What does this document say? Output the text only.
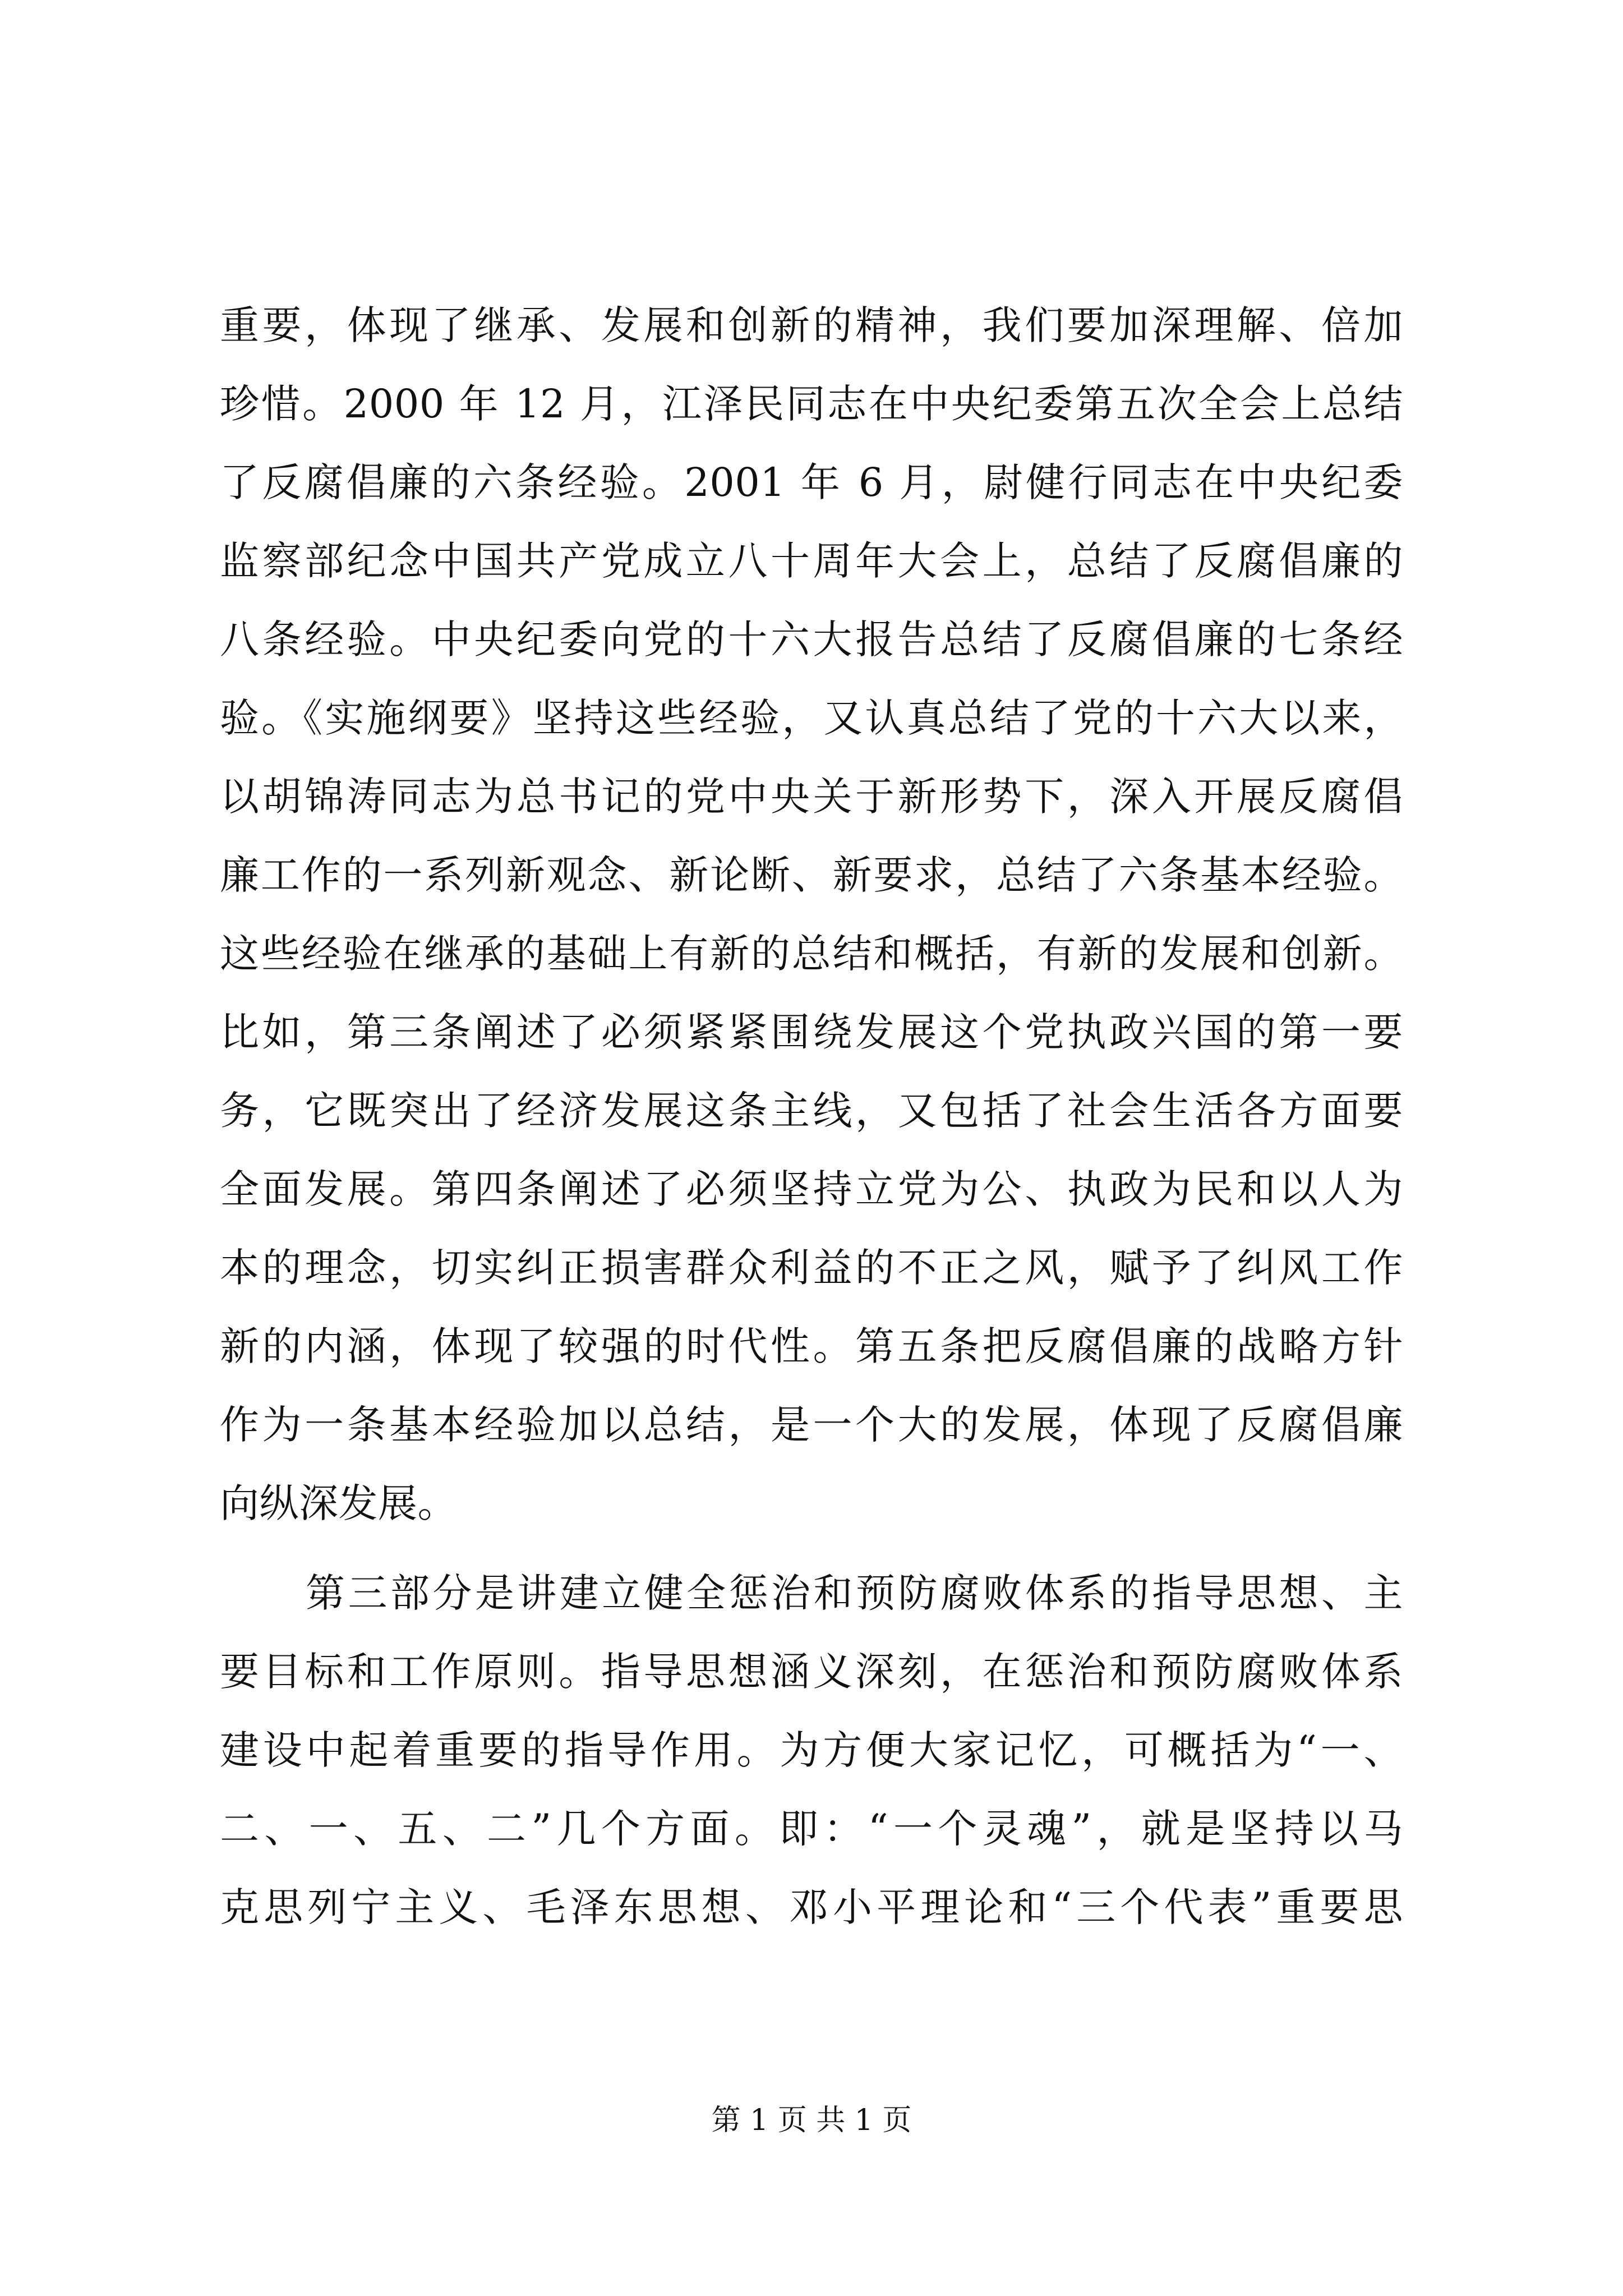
重要，体现了继承、发展和创新的精神，我们要加深理解、倍加
珍惜。2000 年 12 月，江泽民同志在中央纪委第五次全会上总结
了反腐倡廉的六条经验。2001 年 6 月，尉健行同志在中央纪委
监察部纪念中国共产党成立八十周年大会上，总结了反腐倡廉的
八条经验。中央纪委向党的十六大报告总结了反腐倡廉的七条经
验。《实施纲要》坚持这些经验，又认真总结了党的十六大以来，
以胡锦涛同志为总书记的党中央关于新形势下，深入开展反腐倡
廉工作的一系列新观念、新论断、新要求，总结了六条基本经验。
这些经验在继承的基础上有新的总结和概括，有新的发展和创新。
比如，第三条阐述了必须紧紧围绕发展这个党执政兴国的第一要
务，它既突出了经济发展这条主线，又包括了社会生活各方面要
全面发展。第四条阐述了必须坚持立党为公、执政为民和以人为
本的理念，切实纠正损害群众利益的不正之风，赋予了纠风工作
新的内涵，体现了较强的时代性。第五条把反腐倡廉的战略方针
作为一条基本经验加以总结，是一个大的发展，体现了反腐倡廉
向纵深发展。
第三部分是讲建立健全惩治和预防腐败体系的指导思想、主
要目标和工作原则。指导思想涵义深刻，在惩治和预防腐败体系
建设中起着重要的指导作用。为方便大家记忆，可概括为“一、
二、一、五、二”几个方面。即：“一个灵魂”，就是坚持以马
克思列宁主义、毛泽东思想、邓小平理论和“三个代表”重要思
第 1 页 共 1 页
